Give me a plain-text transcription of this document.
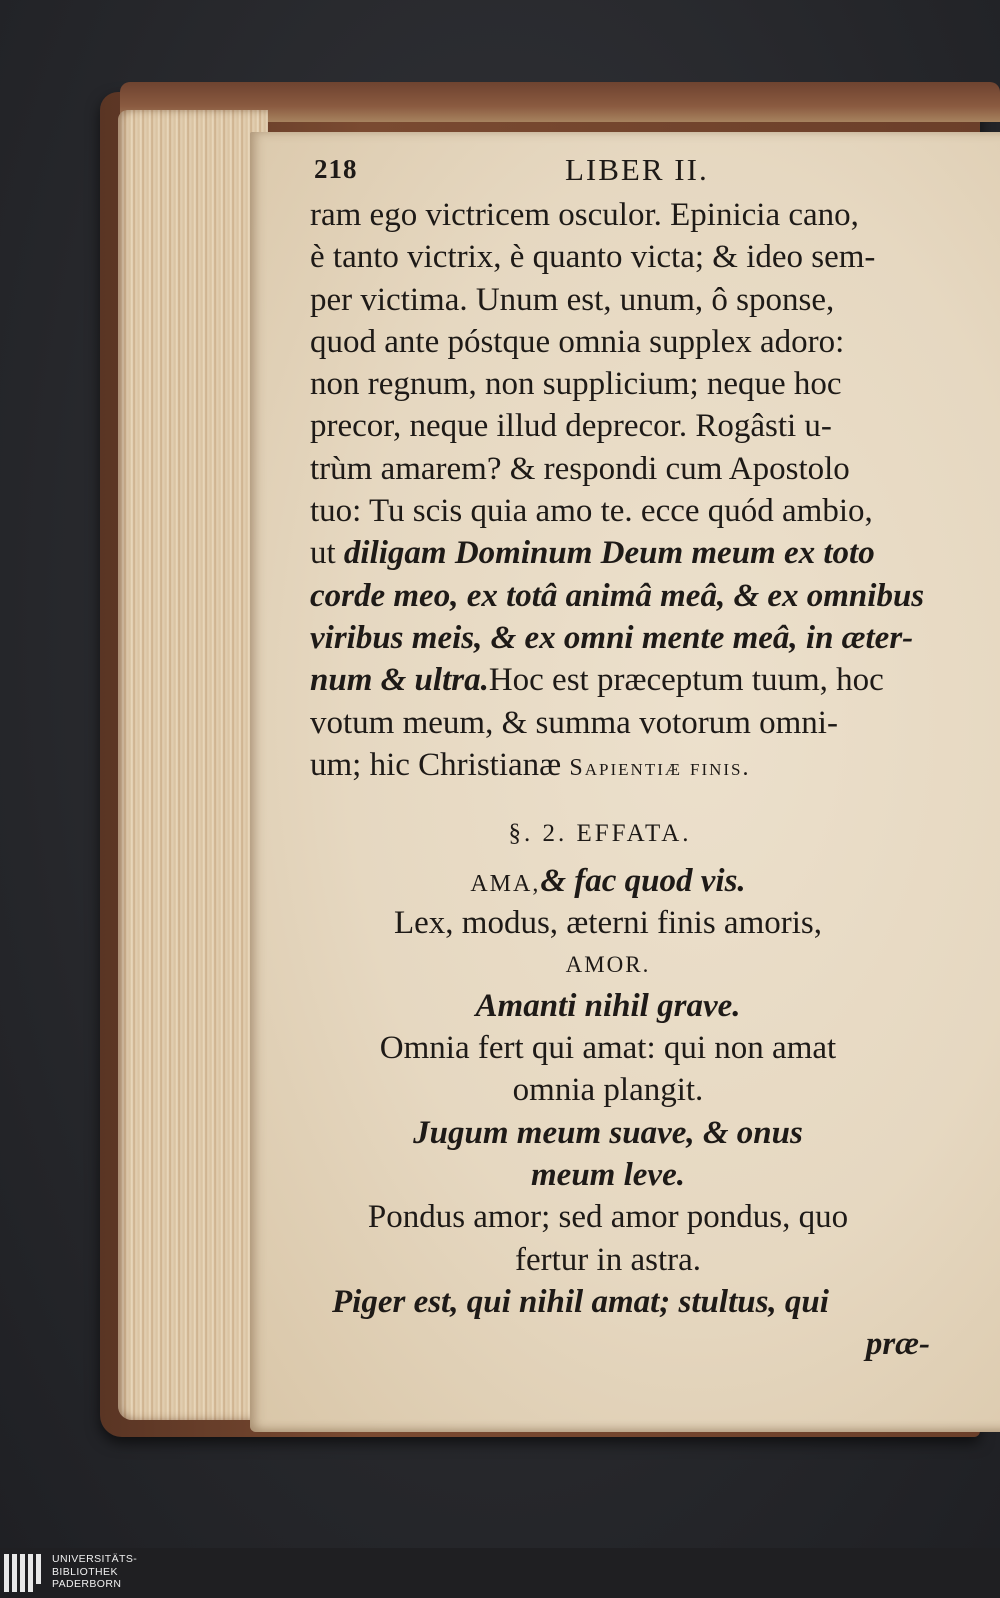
218	LIBER II.
ram ego victricem osculor. Epinicia cano,
è tanto victrix, è quanto victa; & ideo sem-
per victima. Unum est, unum, ô sponse,
quod ante póstque omnia supplex adoro:
non regnum, non supplicium; neque hoc
precor, neque illud deprecor. Rogâsti u-
trùm amarem? & respondi cum Apostolo
tuo: Tu scis quia amo te. ecce quód ambio,
ut diligam Dominum Deum meum ex toto
corde meo, ex totâ animâ meâ, & ex omnibus
viribus meis, & ex omni mente meâ, in æter-
num & ultra.Hoc est præceptum tuum, hoc
votum meum, & summa votorum omni-
um; hic Christianæ Sapientiæ finis.
§. 2. EFFATA.
AMA,& fac quod vis.
Lex, modus, æterni finis amoris,
AMOR.
Amanti nihil grave.
Omnia fert qui amat: qui non amat
omnia plangit.
Jugum meum suave, & onus
meum leve.
Pondus amor; sed amor pondus, quo
fertur in astra.
Piger est, qui nihil amat; stultus, qui
præ-
UNIVERSITÄTS-
BIBLIOTHEK
PADERBORN
